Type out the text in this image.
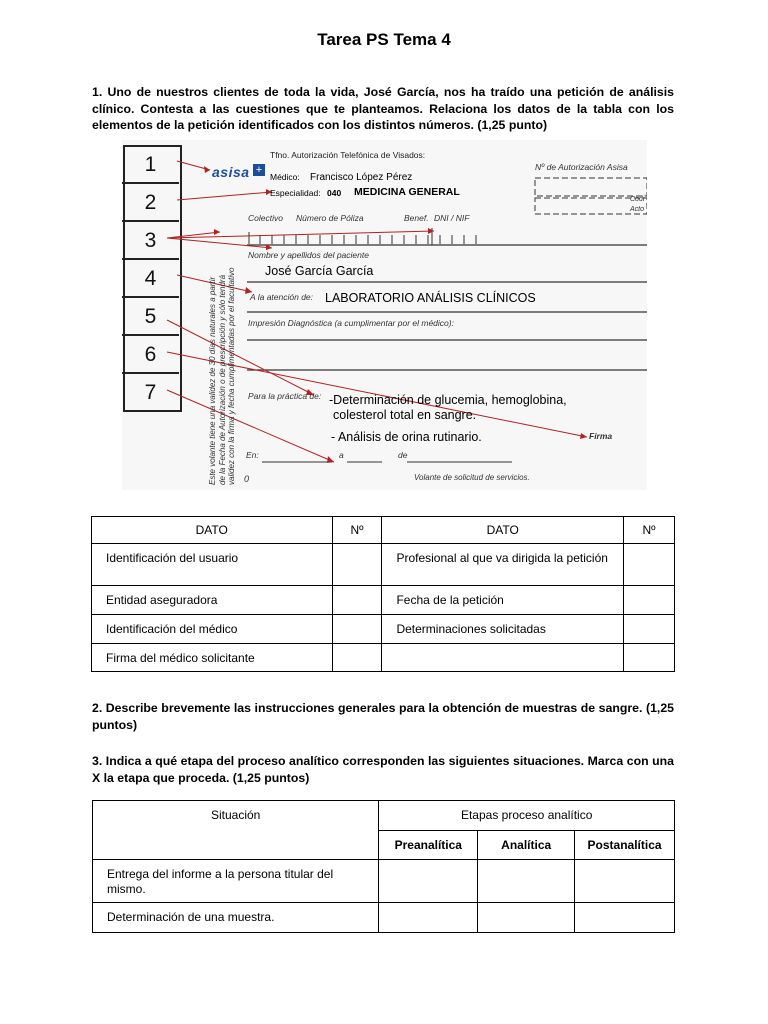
Tarea PS Tema 4
1. Uno de nuestros clientes de toda la vida, José García, nos ha traído una petición de análisis clínico. Contesta a las cuestiones que te planteamos. Relaciona los datos de la tabla con los elementos de la petición identificados con los distintos números. (1,25 punto)
1
2
3
4
5
6
7	Este volante tiene una validez de 30 días naturales a partir de la Fecha de Autorización o de prescripción y sólo tendrá validez con la firma y fecha cumplimentadas por el facultativo
Tfno. Autorización Telefónica de Visados:
asisa +
Médico: Francisco López Pérez
Especialidad: 040 MEDICINA GENERAL
Nº de Autorización Asisa
Códi
Acto
Colectivo Número de Póliza	Benef. DNI / NIF
Nombre y apellidos del paciente
José García García
A la atención de: LABORATORIO ANÁLISIS CLÍNICOS
Impresión Diagnóstica (a cumplimentar por el médico):
Para la práctica de: -Determinación de glucemia, hemoglobina,
colesterol total en sangre.
- Análisis de orina rutinario.	Firma
En:	a	de
0	Volante de solicitud de servicios.
DATO	Nº	DATO	Nº
Identificación del usuario		Profesional al que va dirigida la petición	
Entidad aseguradora		Fecha de la petición	
Identificación del médico		Determinaciones solicitadas	
Firma del médico solicitante			
2. Describe brevemente las instrucciones generales para la obtención de muestras de sangre. (1,25 puntos)
3. Indica a qué etapa del proceso analítico corresponden las siguientes situaciones. Marca con una X la etapa que proceda. (1,25 puntos)
Situación	Etapas proceso analítico		
	Preanalítica	Analítica	Postanalítica
Entrega del informe a la persona titular del mismo.			
Determinación de una muestra.			
